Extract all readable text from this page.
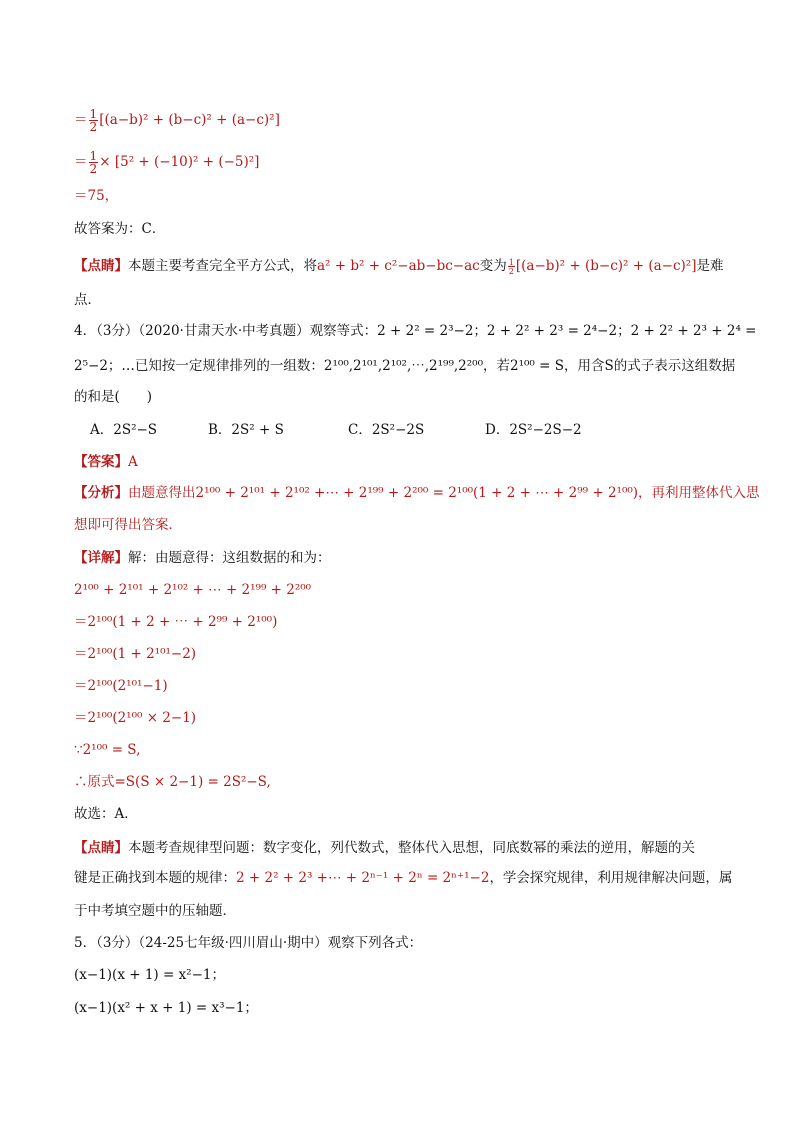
＝ $\frac{1}{2} [(a-b)^2 + (b-c)^2 + (a-c)^2]$
＝ $\frac{1}{2} \times [5^2 + (-10)^2 + (-5)^2]$
＝75，
故答案为：C．
【点睛】本题主要考查完全平方公式，将a² + b² + c²−ab−bc−ac变为 $\frac{1}{2} [(a-b)^2 + (b-c)^2 + (a-c)^2]$是难
点．
4．（3分）（2020·甘肃天水·中考真题）观察等式：2 + 2² = 2³−2；2 + 2² + 2³ = 2⁴−2；2 + 2² + 2³ + 2⁴ =
2⁵−2；…已知按一定规律排列的一组数：2¹⁰⁰,2¹⁰¹,2¹⁰²,⋯,2¹⁹⁹,2²⁰⁰，若2¹⁰⁰ = S，用含S的式子表示这组数据
的和是(　　)
A．2S²−S	B．2S² + S	C．2S²−2S	D．2S²−2S−2
【答案】A
【分析】由题意得出2¹⁰⁰ + 2¹⁰¹ + 2¹⁰² +⋯ + 2¹⁹⁹ + 2²⁰⁰ = 2¹⁰⁰(1 + 2 + ⋯ + 2⁹⁹ + 2¹⁰⁰)，再利用整体代入思
想即可得出答案．
【详解】解：由题意得：这组数据的和为：
2¹⁰⁰ + 2¹⁰¹ + 2¹⁰² + ⋯ + 2¹⁹⁹ + 2²⁰⁰
＝2¹⁰⁰(1 + 2 + ⋯ + 2⁹⁹ + 2¹⁰⁰)
＝2¹⁰⁰(1 + 2¹⁰¹−2)
＝2¹⁰⁰(2¹⁰¹−1)
＝2¹⁰⁰(2¹⁰⁰ × 2−1)
∵2¹⁰⁰ = S,
∴原式=S(S × 2−1) = 2S²−S,
故选：A．
【点睛】本题考查规律型问题：数字变化，列代数式，整体代入思想，同底数幂的乘法的逆用，解题的关
键是正确找到本题的规律：2 + 2² + 2³ +⋯ + 2ⁿ⁻¹ + 2ⁿ = 2ⁿ⁺¹−2，学会探究规律，利用规律解决问题，属
于中考填空题中的压轴题．
5．（3分）（24-25七年级·四川眉山·期中）观察下列各式：
(x−1)(x + 1) = x²−1；
(x−1)(x² + x + 1) = x³−1；
